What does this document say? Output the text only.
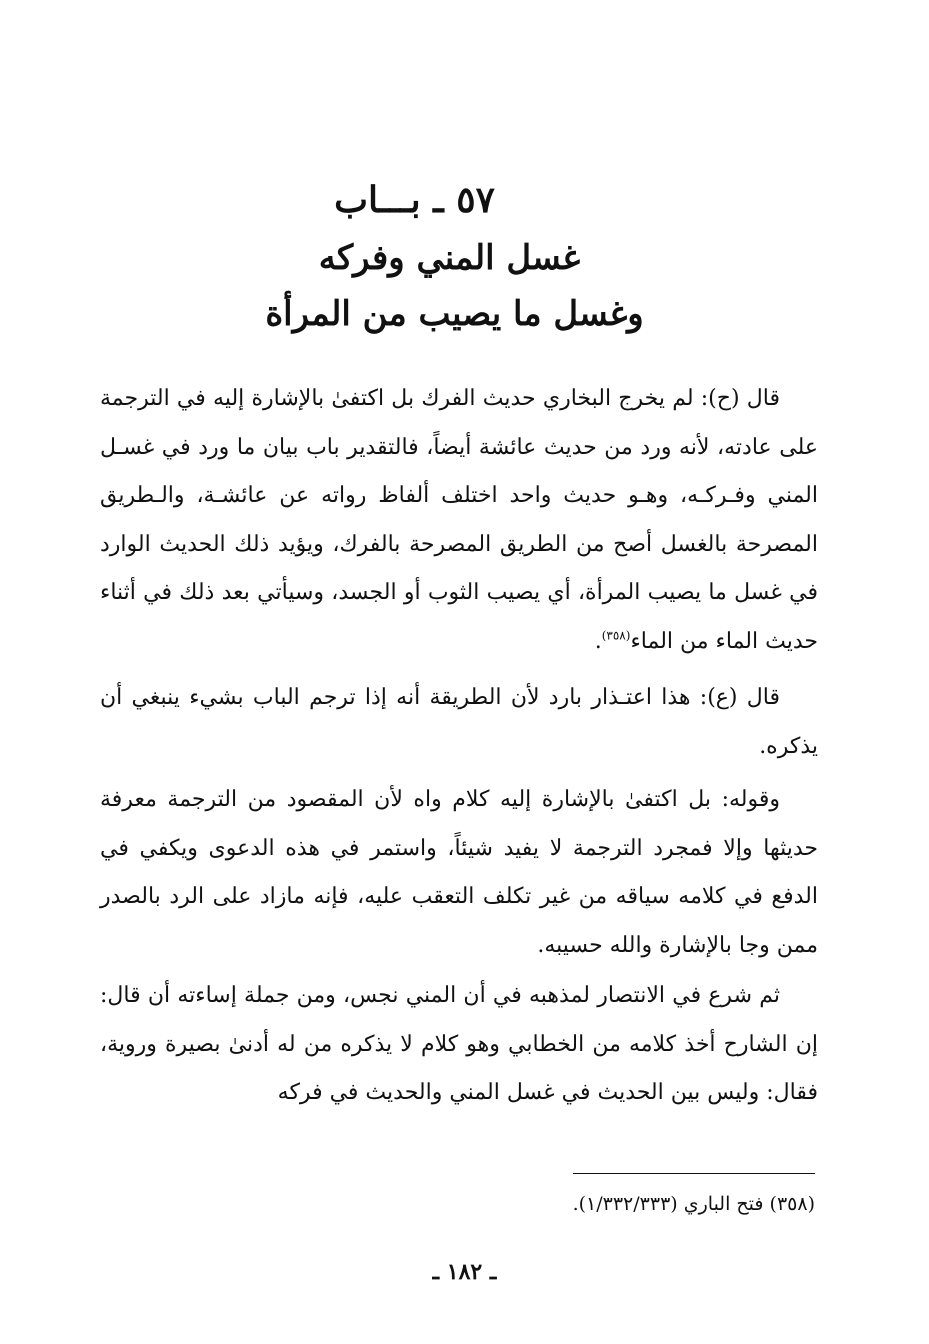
٥٧ ـ بـــاب
غسل المني وفركه
وغسل ما يصيب من المرأة

قال (ح): لم يخرج البخاري حديث الفرك بل اكتفىٰ بالإشارة إليه في الترجمة على عادته، لأنه ورد من حديث عائشة أيضاً، فالتقدير باب بيان ما ورد في غسـل المني وفـركـه، وهـو حديث واحد اختلف ألفاظ رواته عن عائشـة، والـطريق المصرحة بالغسل أصح من الطريق المصرحة بالفرك، ويؤيد ذلك الحديث الوارد في غسل ما يصيب المرأة، أي يصيب الثوب أو الجسد، وسيأتي بعد ذلك في أثناء حديث الماء من الماء$^{(٣٥٨)}$.

قال (ع): هذا اعتـذار بارد لأن الطريقة أنه إذا ترجم الباب بشيء ينبغي أن يذكره.

وقوله: بل اكتفىٰ بالإشارة إليه كلام واه لأن المقصود من الترجمة معرفة حديثها وإلا فمجرد الترجمة لا يفيد شيئاً، واستمر في هذه الدعوى ويكفي في الدفع في كلامه سياقه من غير تكلف التعقب عليه، فإنه مازاد على الرد بالصدر ممن وجا بالإشارة والله حسيبه.

ثم شرع في الانتصار لمذهبه في أن المني نجس، ومن جملة إساءته أن قال: إن الشارح أخذ كلامه من الخطابي وهو كلام لا يذكره من له أدنىٰ بصيرة وروية، فقال: وليس بين الحديث في غسل المني والحديث في فركه

(٣٥٨) فتح الباري (١/٣٣٢/٣٣٣).
ـ ١٨٢ ـ
